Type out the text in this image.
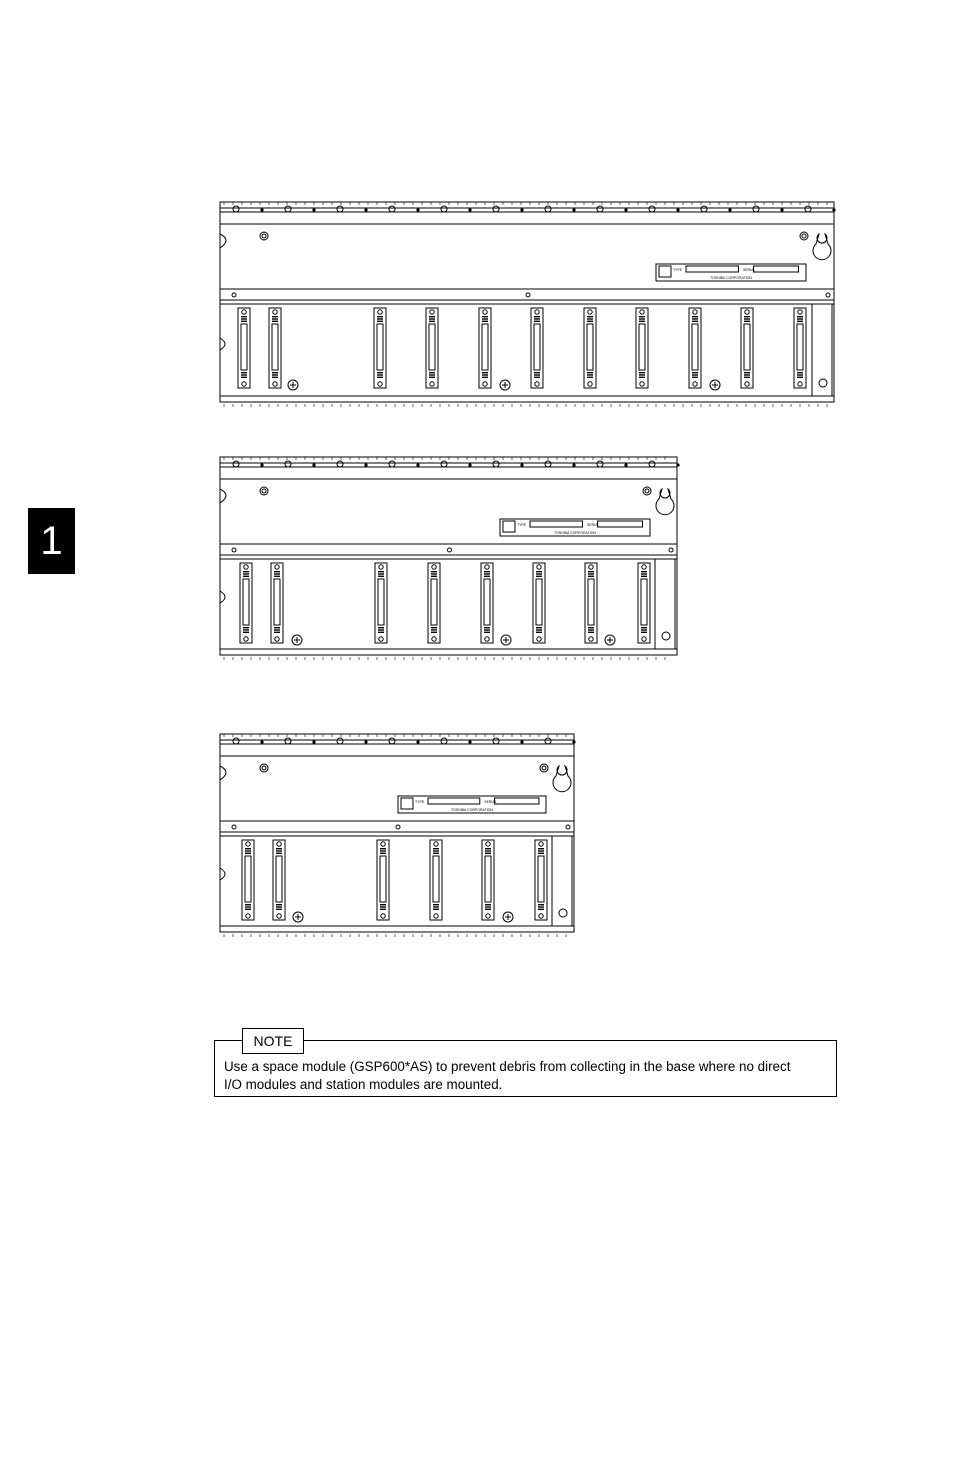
1
TYPE	SERIAL
TOSHIBA CORPORATION
TYPE	SERIAL
TOSHIBA CORPORATION
TYPE	SERIAL
TOSHIBA CORPORATION
NOTE
Use a space module (GSP600*AS) to prevent debris from collecting in the base where no direct
I/O modules and station modules are mounted.
